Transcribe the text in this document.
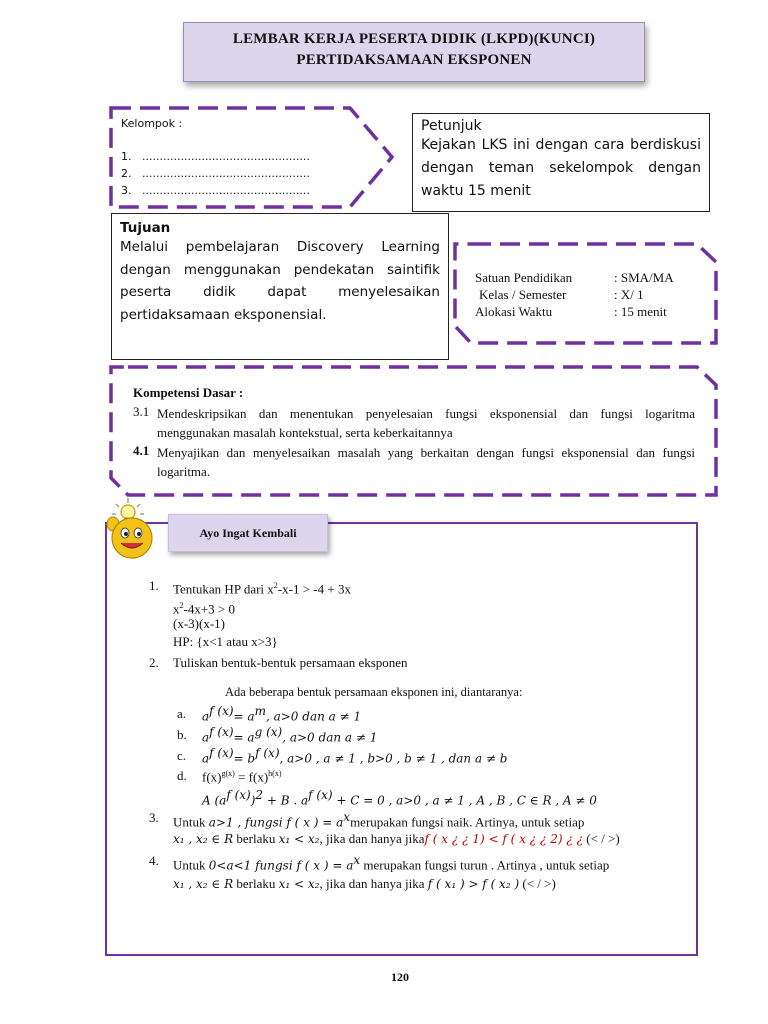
LEMBAR KERJA PESERTA DIDIK (LKPD)(KUNCI)
PERTIDAKSAMAAN EKSPONEN
Kelompok :
1. ................................................
2. ................................................
3. ................................................
Petunjuk
Kejakan LKS ini dengan cara berdiskusi dengan teman sekelompok dengan waktu 15 menit
Tujuan
Melalui pembelajaran Discovery Learning dengan menggunakan pendekatan saintifik peserta didik dapat menyelesaikan pertidaksamaan eksponensial.
Satuan Pendidikan	: SMA/MA
Kelas / Semester	: X/ 1
Alokasi Waktu	: 15 menit
Kompetensi Dasar :
3.1 Mendeskripsikan dan menentukan penyelesaian fungsi eksponensial dan fungsi logaritma menggunakan masalah kontekstual, serta keberkaitannya
4.1 Menyajikan dan menyelesaikan masalah yang berkaitan dengan fungsi eksponensial dan fungsi logaritma.
Ayo Ingat Kembali
1. Tentukan HP dari $x^2-x-1 > -4 + 3x$
$x^2-4x+3 > 0$
(x-3)(x-1)
HP: {x<1 atau x>3}
2. Tuliskan bentuk-bentuk persamaan eksponen
Ada beberapa bentuk persamaan eksponen ini, diantaranya:
a. $a^{f (x)}= a^m$, a>0 dan a ≠ 1
b. $a^{f (x)}= a^{g (x)}$, a>0 dan a ≠ 1
c. $a^{f (x)}= b^{f (x)}$, a>0 , a ≠ 1 , b>0 , b ≠ 1 , dan a ≠ b
d. $f(x)^{g(x)} = f(x)^{h(x)}$
A $(a^{f (x)})^2 + B$ . $a^{f (x)} + C = 0$ , a>0 , a ≠ 1 , A , B , C ∈ R , A ≠ 0
3. Untuk a>1 , fungsi f ( x ) = $a^xmerupakan$ fungsi naik. Artinya, untuk setiap
x₁ , x₂ ∈ R berlaku x₁ < x₂, jika dan hanya jikaf ( x ¿ ¿ 1) < f ( x ¿ ¿ 2) ¿ ¿ (< / >)
4. Untuk 0<a<1 fungsi f ( x ) = $a^x$ merupakan fungsi turun . Artinya , untuk setiap
x₁ , x₂ ∈ R berlaku x₁ < x₂, jika dan hanya jika f ( x₁ ) > f ( x₂ ) (< / >)
120
